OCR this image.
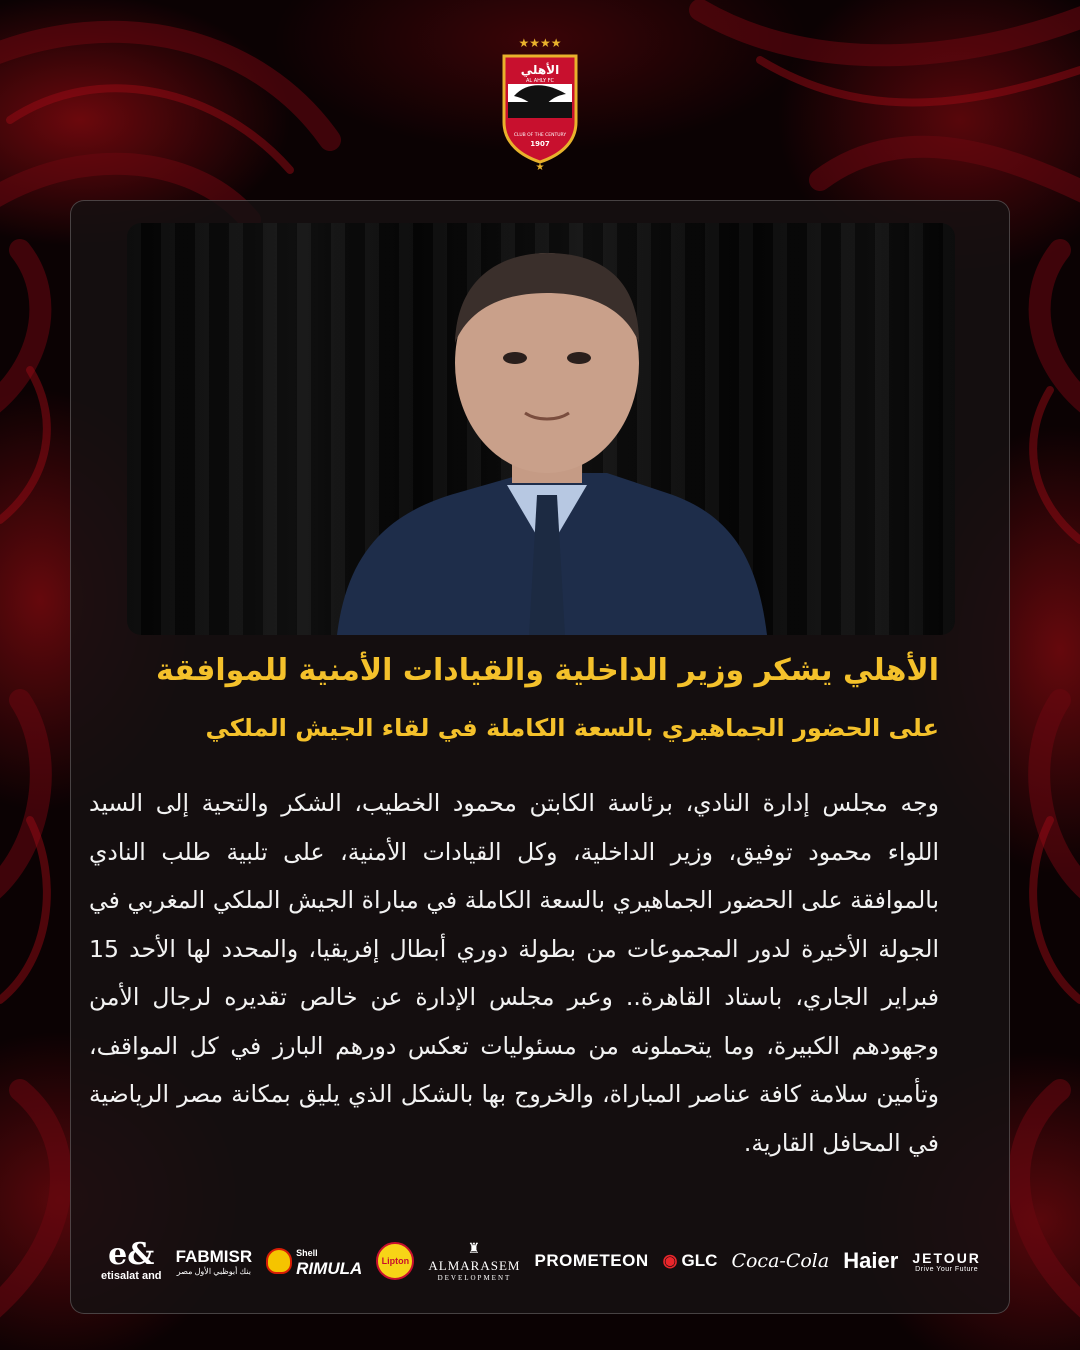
★★★★
الأهلي
AL AHLY FC
CLUB OF THE CENTURY
1907
★
الأهلي يشكر وزير الداخلية والقيادات الأمنية للموافقة
على الحضور الجماهيري بالسعة الكاملة في لقاء الجيش الملكي
وجه مجلس إدارة النادي، برئاسة الكابتن محمود الخطيب، الشكر والتحية إلى السيد اللواء محمود توفيق، وزير الداخلية، وكل القيادات الأمنية، على تلبية طلب النادي بالموافقة على الحضور الجماهيري بالسعة الكاملة في مباراة الجيش الملكي المغربي في الجولة الأخيرة لدور المجموعات من بطولة دوري أبطال إفريقيا، والمحدد لها الأحد 15 فبراير الجاري، باستاد القاهرة.. وعبر مجلس الإدارة عن خالص تقديره لرجال الأمن وجهودهم الكبيرة، وما يتحملونه من مسئوليات تعكس دورهم البارز في كل المواقف، وتأمين سلامة كافة عناصر المباراة، والخروج بها بالشكل الذي يليق بمكانة مصر الرياضية في المحافل القارية.
e&
etisalat and
FABMISR
بنك أبوظبي الأول مصر
Shell
RIMULA Lipton
♜
ALMARASEM
DEVELOPMENT
PROMETEON ◉ GLC Coca-Cola Haier JETOUR
Drive Your Future
